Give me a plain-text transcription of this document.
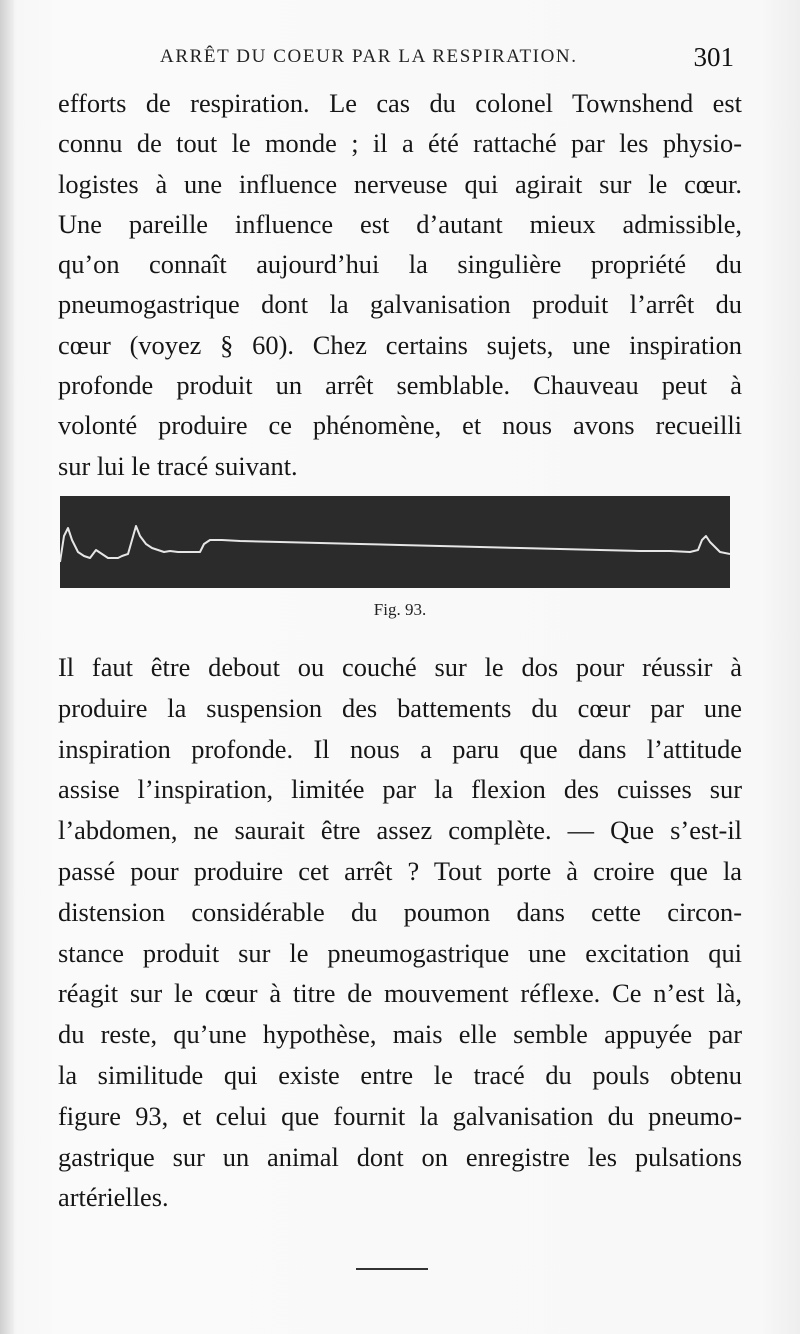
ARRÊT DU COEUR PAR LA RESPIRATION.	301

efforts de respiration. Le cas du colonel Townshend est
connu de tout le monde ; il a été rattaché par les physio-
logistes à une influence nerveuse qui agirait sur le cœur.
Une pareille influence est d’autant mieux admissible,
qu’on connaît aujourd’hui la singulière propriété du
pneumogastrique dont la galvanisation produit l’arrêt du
cœur (voyez § 60). Chez certains sujets, une inspiration
profonde produit un arrêt semblable. Chauveau peut à
volonté produire ce phénomène, et nous avons recueilli
sur lui le tracé suivant.

Fig. 93.

Il faut être debout ou couché sur le dos pour réussir à
produire la suspension des battements du cœur par une
inspiration profonde. Il nous a paru que dans l’attitude
assise l’inspiration, limitée par la flexion des cuisses sur
l’abdomen, ne saurait être assez complète. — Que s’est-il
passé pour produire cet arrêt ? Tout porte à croire que la
distension considérable du poumon dans cette circon-
stance produit sur le pneumogastrique une excitation qui
réagit sur le cœur à titre de mouvement réflexe. Ce n’est là,
du reste, qu’une hypothèse, mais elle semble appuyée par
la similitude qui existe entre le tracé du pouls obtenu
figure 93, et celui que fournit la galvanisation du pneumo-
gastrique sur un animal dont on enregistre les pulsations
artérielles.
